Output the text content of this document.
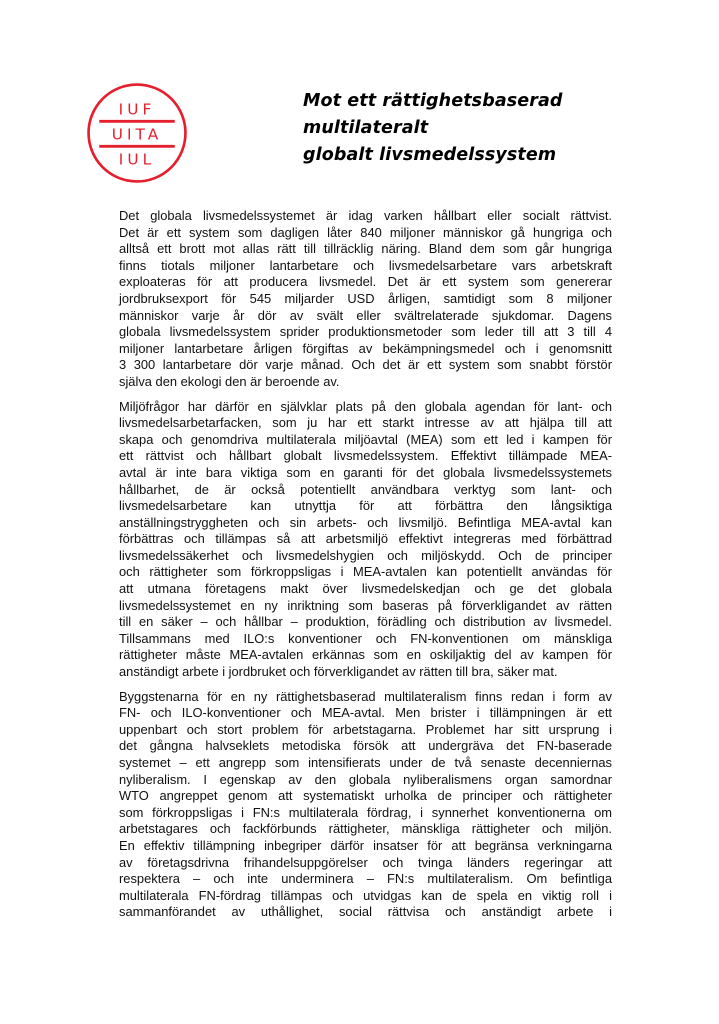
IUF
UITA
IUL
Mot ett rättighetsbaserad
multilateralt
globalt livsmedelssystem
Det globala livsmedelssystemet är idag varken hållbart eller socialt rättvist.
Det är ett system som dagligen låter 840 miljoner människor gå hungriga och
alltså ett brott mot allas rätt till tillräcklig näring. Bland dem som går hungriga
finns tiotals miljoner lantarbetare och livsmedelsarbetare vars arbetskraft
exploateras för att producera livsmedel. Det är ett system som genererar
jordbruksexport för 545 miljarder USD årligen, samtidigt som 8 miljoner
människor varje år dör av svält eller svältrelaterade sjukdomar. Dagens
globala livsmedelssystem sprider produktionsmetoder som leder till att 3 till 4
miljoner lantarbetare årligen förgiftas av bekämpningsmedel och i genomsnitt
3 300 lantarbetare dör varje månad. Och det är ett system som snabbt förstör
själva den ekologi den är beroende av.
Miljöfrågor har därför en självklar plats på den globala agendan för lant- och
livsmedelsarbetarfacken, som ju har ett starkt intresse av att hjälpa till att
skapa och genomdriva multilaterala miljöavtal (MEA) som ett led i kampen för
ett rättvist och hållbart globalt livsmedelssystem. Effektivt tillämpade MEA-
avtal är inte bara viktiga som en garanti för det globala livsmedelssystemets
hållbarhet, de är också potentiellt användbara verktyg som lant- och
livsmedelsarbetare kan utnyttja för att förbättra den långsiktiga
anställningstryggheten och sin arbets- och livsmiljö. Befintliga MEA-avtal kan
förbättras och tillämpas så att arbetsmiljö effektivt integreras med förbättrad
livsmedelssäkerhet och livsmedelshygien och miljöskydd. Och de principer
och rättigheter som förkroppsligas i MEA-avtalen kan potentiellt användas för
att utmana företagens makt över livsmedelskedjan och ge det globala
livsmedelssystemet en ny inriktning som baseras på förverkligandet av rätten
till en säker – och hållbar – produktion, förädling och distribution av livsmedel.
Tillsammans med ILO:s konventioner och FN-konventionen om mänskliga
rättigheter måste MEA-avtalen erkännas som en oskiljaktig del av kampen för
anständigt arbete i jordbruket och förverkligandet av rätten till bra, säker mat.
Byggstenarna för en ny rättighetsbaserad multilateralism finns redan i form av
FN- och ILO-konventioner och MEA-avtal. Men brister i tillämpningen är ett
uppenbart och stort problem för arbetstagarna. Problemet har sitt ursprung i
det gångna halvseklets metodiska försök att undergräva det FN-baserade
systemet – ett angrepp som intensifierats under de två senaste decenniernas
nyliberalism. I egenskap av den globala nyliberalismens organ samordnar
WTO angreppet genom att systematiskt urholka de principer och rättigheter
som förkroppsligas i FN:s multilaterala fördrag, i synnerhet konventionerna om
arbetstagares och fackförbunds rättigheter, mänskliga rättigheter och miljön.
En effektiv tillämpning inbegriper därför insatser för att begränsa verkningarna
av företagsdrivna frihandelsuppgörelser och tvinga länders regeringar att
respektera – och inte underminera – FN:s multilateralism. Om befintliga
multilaterala FN-fördrag tillämpas och utvidgas kan de spela en viktig roll i
sammanförandet av uthållighet, social rättvisa och anständigt arbete i
